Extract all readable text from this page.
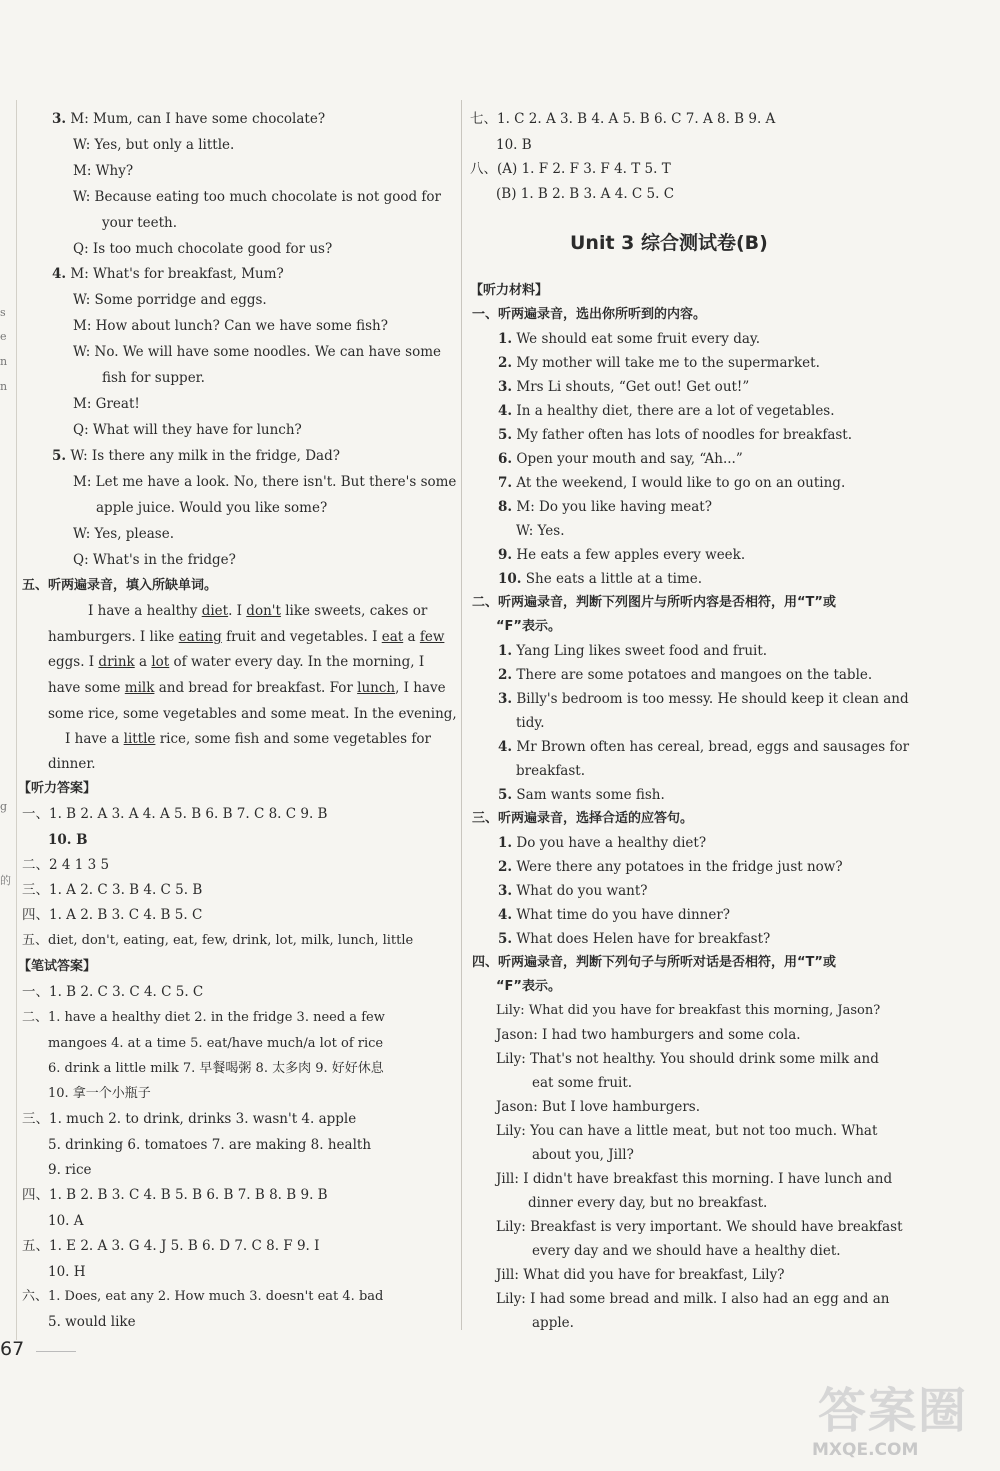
s
e
n
n
g
的
3. M: Mum, can I have some chocolate?
W: Yes, but only a little.
M: Why?
W: Because eating too much chocolate is not good for
your teeth.
Q: Is too much chocolate good for us?
4. M: What's for breakfast, Mum?
W: Some porridge and eggs.
M: How about lunch? Can we have some fish?
W: No. We will have some noodles. We can have some
fish for supper.
M: Great!
Q: What will they have for lunch?
5. W: Is there any milk in the fridge, Dad?
M: Let me have a look. No, there isn't. But there's some
apple juice. Would you like some?
W: Yes, please.
Q: What's in the fridge?
五、听两遍录音，填入所缺单词。
I have a healthy diet. I don't like sweets, cakes or
hamburgers. I like eating fruit and vegetables. I eat a few
eggs. I drink a lot of water every day. In the morning, I
have some milk and bread for breakfast. For lunch, I have
some rice, some vegetables and some meat. In the evening,
I have a little rice, some fish and some vegetables for
dinner.
【听力答案】
一、1. B 2. A 3. A 4. A 5. B 6. B 7. C 8. C 9. B
10. B
二、2 4 1 3 5
三、1. A 2. C 3. B 4. C 5. B
四、1. A 2. B 3. C 4. B 5. C
五、diet, don't, eating, eat, few, drink, lot, milk, lunch, little
【笔试答案】
一、1. B 2. C 3. C 4. C 5. C
二、1. have a healthy diet 2. in the fridge 3. need a few
mangoes 4. at a time 5. eat/have much/a lot of rice
6. drink a little milk 7. 早餐喝粥 8. 太多肉 9. 好好休息
10. 拿一个小瓶子
三、1. much 2. to drink, drinks 3. wasn't 4. apple
5. drinking 6. tomatoes 7. are making 8. health
9. rice
四、1. B 2. B 3. C 4. B 5. B 6. B 7. B 8. B 9. B
10. A
五、1. E 2. A 3. G 4. J 5. B 6. D 7. C 8. F 9. I
10. H
六、1. Does, eat any 2. How much 3. doesn't eat 4. bad
5. would like
67
七、1. C 2. A 3. B 4. A 5. B 6. C 7. A 8. B 9. A
10. B
八、(A) 1. F 2. F 3. F 4. T 5. T
(B) 1. B 2. B 3. A 4. C 5. C
【听力材料】
一、听两遍录音，选出你所听到的内容。
1. We should eat some fruit every day.
2. My mother will take me to the supermarket.
3. Mrs Li shouts, “Get out! Get out!”
4. In a healthy diet, there are a lot of vegetables.
5. My father often has lots of noodles for breakfast.
6. Open your mouth and say, “Ah...”
7. At the weekend, I would like to go on an outing.
8. M: Do you like having meat?
W: Yes.
9. He eats a few apples every week.
10. She eats a little at a time.
二、听两遍录音，判断下列图片与所听内容是否相符，用“T”或
“F”表示。
1. Yang Ling likes sweet food and fruit.
2. There are some potatoes and mangoes on the table.
3. Billy's bedroom is too messy. He should keep it clean and
tidy.
4. Mr Brown often has cereal, bread, eggs and sausages for
breakfast.
5. Sam wants some fish.
三、听两遍录音，选择合适的应答句。
1. Do you have a healthy diet?
2. Were there any potatoes in the fridge just now?
3. What do you want?
4. What time do you have dinner?
5. What does Helen have for breakfast?
四、听两遍录音，判断下列句子与所听对话是否相符，用“T”或
“F”表示。
Lily: What did you have for breakfast this morning, Jason?
Jason: I had two hamburgers and some cola.
Lily: That's not healthy. You should drink some milk and
eat some fruit.
Jason: But I love hamburgers.
Lily: You can have a little meat, but not too much. What
about you, Jill?
Jill: I didn't have breakfast this morning. I have lunch and
dinner every day, but no breakfast.
Lily: Breakfast is very important. We should have breakfast
every day and we should have a healthy diet.
Jill: What did you have for breakfast, Lily?
Lily: I had some bread and milk. I also had an egg and an
apple.
Unit 3 综合测试卷(B)
答案圈
MXQE.COM
